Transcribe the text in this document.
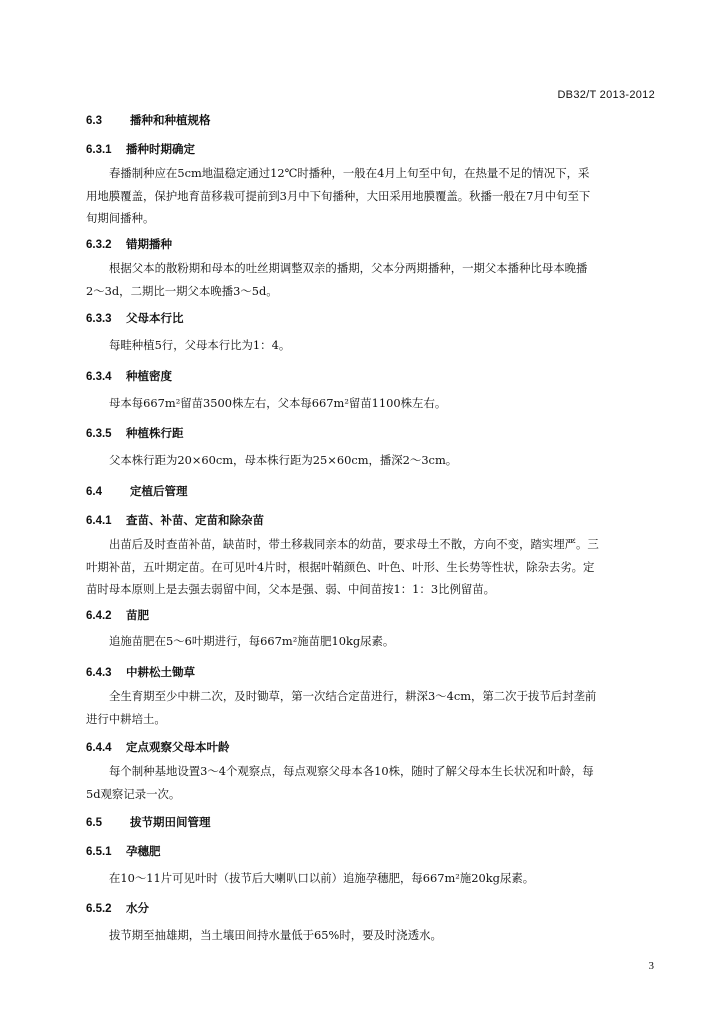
DB32/T 2013-2012
6.3 播种和种植规格
6.3.1 播种时期确定
春播制种应在5cm地温稳定通过12℃时播种，一般在4月上旬至中旬，在热量不足的情况下，采
用地膜覆盖，保护地育苗移栽可提前到3月中下旬播种，大田采用地膜覆盖。秋播一般在7月中旬至下
旬期间播种。
6.3.2 错期播种
根据父本的散粉期和母本的吐丝期调整双亲的播期，父本分两期播种，一期父本播种比母本晚播
2～3d，二期比一期父本晚播3～5d。
6.3.3 父母本行比
每畦种植5行，父母本行比为1：4。
6.3.4 种植密度
母本每667m²留苗3500株左右，父本每667m²留苗1100株左右。
6.3.5 种植株行距
父本株行距为20×60cm，母本株行距为25×60cm，播深2～3cm。
6.4 定植后管理
6.4.1 查苗、补苗、定苗和除杂苗
出苗后及时查苗补苗，缺苗时，带土移栽同亲本的幼苗，要求母土不散，方向不变，踏实埋严。三
叶期补苗，五叶期定苗。在可见叶4片时，根据叶鞘颜色、叶色、叶形、生长势等性状，除杂去劣。定
苗时母本原则上是去强去弱留中间，父本是强、弱、中间苗按1：1：3比例留苗。
6.4.2 苗肥
追施苗肥在5～6叶期进行，每667m²施苗肥10kg尿素。
6.4.3 中耕松土锄草
全生育期至少中耕二次，及时锄草，第一次结合定苗进行，耕深3～4cm，第二次于拔节后封垄前
进行中耕培土。
6.4.4 定点观察父母本叶龄
每个制种基地设置3～4个观察点，每点观察父母本各10株，随时了解父母本生长状况和叶龄，每
5d观察记录一次。
6.5 拔节期田间管理
6.5.1 孕穗肥
在10～11片可见叶时（拔节后大喇叭口以前）追施孕穗肥，每667m²施20kg尿素。
6.5.2 水分
拔节期至抽雄期，当土壤田间持水量低于65%时，要及时浇透水。
3
